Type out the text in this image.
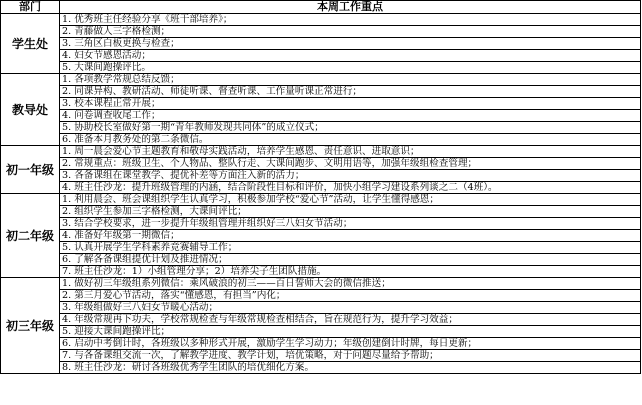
部门	本周工作重点
学生处	1. 优秀班主任经验分享《班干部培养》；
	2. 青藤做人三字格检测；
	3. 三角区白板更换与检查；
	4. 妇女节感恩活动；
	5. 大课间跑操评比。
教导处	1. 各项教学常规总结反馈；
	2. 同课异构、教研活动、师徒听课、督查听课、工作量听课正常进行；
	3. 校本课程正常开展；
	4. 问卷调查收尾工作；
	5. 协助校长室做好第一期“青年教师发现共同体”的成立仪式；
	6. 准备本月教务处的第二条微信。
初一年级	1. 周一晨会爱心节主题教育和敬母实践活动，培养学生感恩、责任意识、进取意识；
	2. 常规重点：班级卫生、个人物品、整队行走、大课间跑步、文明用语等，加强年级组检查管理；
	3. 各备课组在课堂教学、提优补差等方面注入新的活力；
	4. 班主任沙龙：提升班级管理的内涵，结合阶段性目标和评价，加快小组学习建设系列谈之二（4班）。
初二年级	1. 利用晨会、班会课组织学生认真学习，积极参加学校“爱心节”活动，让学生懂得感恩；
	2. 组织学生参加三字格检测，大课间评比；
	3. 结合学校要求，进一步提升年级组管理并组织好三八妇女节活动；
	4. 准备好年级第一期微信；
	5. 认真开展学生学科素养竞赛辅导工作；
	6. 了解各备课组提优计划及推进情况；
	7. 班主任沙龙：1）小组管理分享；2）培养尖子生团队措施。
初三年级	1. 做好初三年级组系列微信：乘风破浪的初三——百日誓师大会的微信推送；
	2. 第三月爱心节活动，落实“懂感恩，有担当”内化；
	3. 年级组做好三八妇女节暖心活动；
	4. 年级常规再下功夫，学校常规检查与年级常规检查相结合，旨在规范行为，提升学习效益；
	5. 迎接大课间跑操评比；
	6. 启动中考倒计时，各班级以多种形式开展，激励学生学习动力；年级创建倒计时牌，每日更新；
	7. 与各备课组交流一次，了解教学进度、教学计划，培优策略，对于问题尽量给予帮助；
	8. 班主任沙龙：研讨各班级优秀学生团队的培优细化方案。
